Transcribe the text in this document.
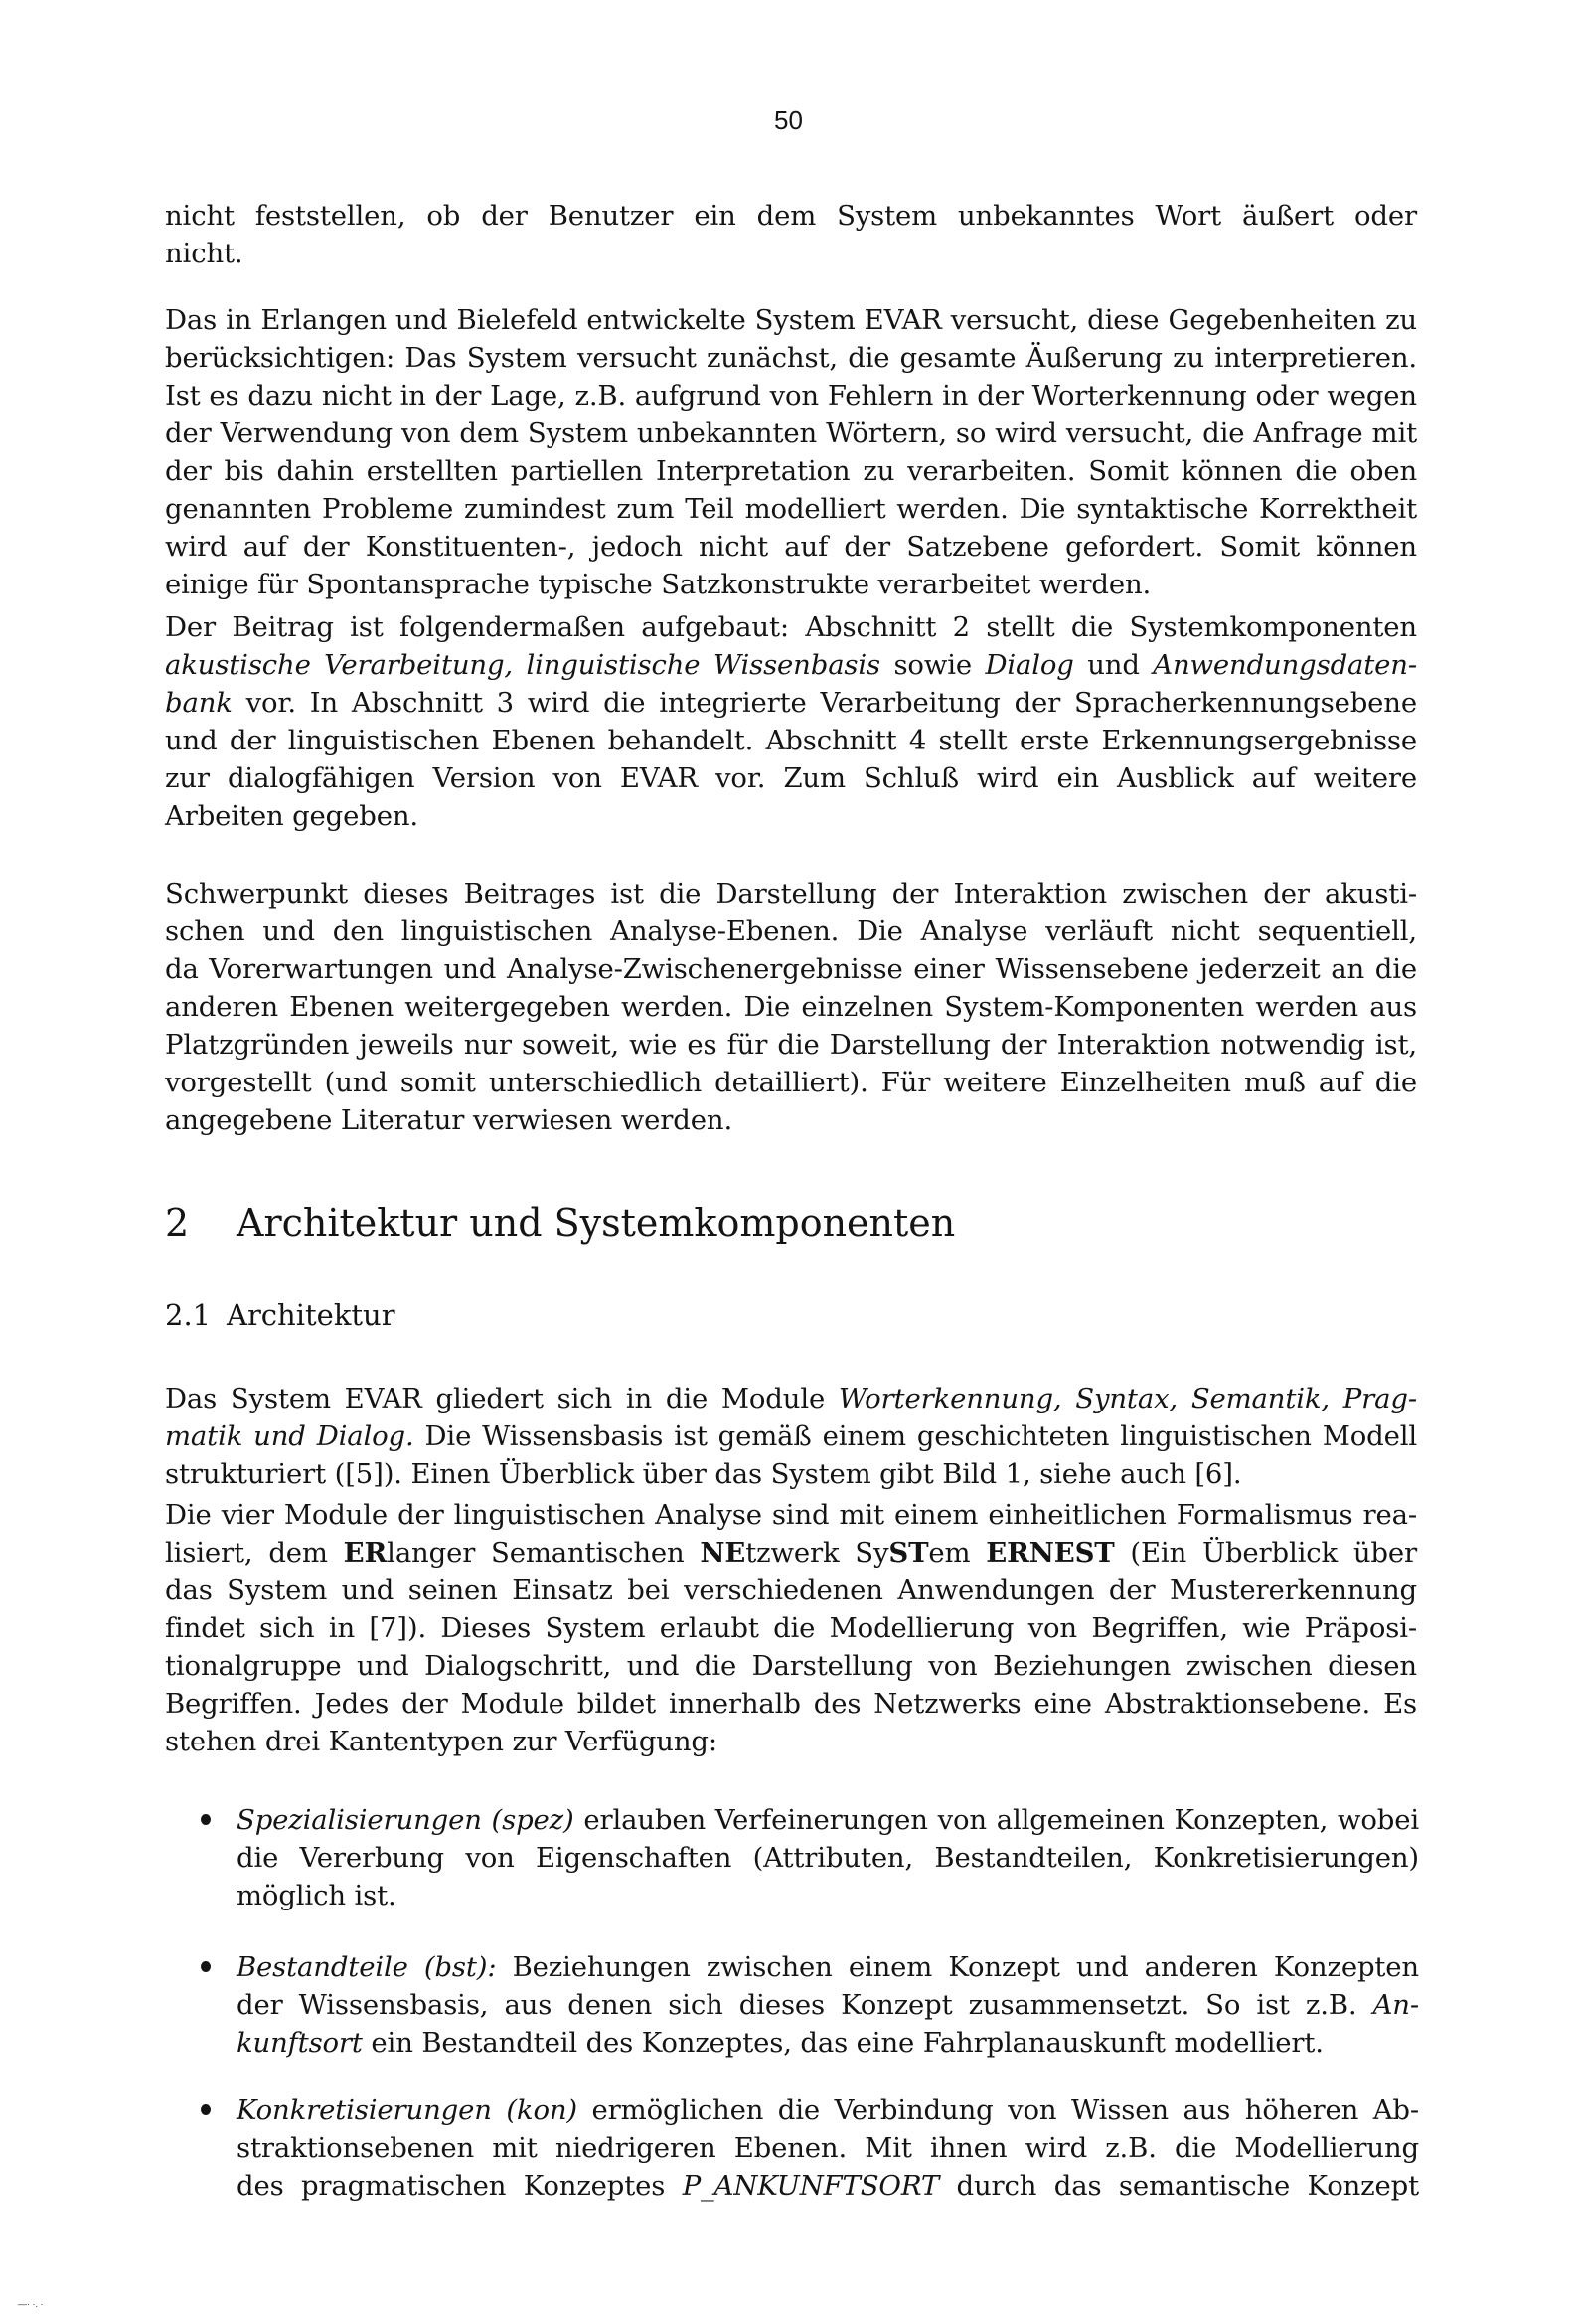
50
nicht feststellen, ob der Benutzer ein dem System unbekanntes Wort äußert oder
nicht.
Das in Erlangen und Bielefeld entwickelte System EVAR versucht, diese Gegebenheiten zu
berücksichtigen: Das System versucht zunächst, die gesamte Äußerung zu interpretieren.
Ist es dazu nicht in der Lage, z.B. aufgrund von Fehlern in der Worterkennung oder wegen
der Verwendung von dem System unbekannten Wörtern, so wird versucht, die Anfrage mit
der bis dahin erstellten partiellen Interpretation zu verarbeiten. Somit können die oben
genannten Probleme zumindest zum Teil modelliert werden. Die syntaktische Korrektheit
wird auf der Konstituenten-, jedoch nicht auf der Satzebene gefordert. Somit können
einige für Spontansprache typische Satzkonstrukte verarbeitet werden.
Der Beitrag ist folgendermaßen aufgebaut: Abschnitt 2 stellt die Systemkomponenten
akustische Verarbeitung, linguistische Wissenbasis sowie Dialog und Anwendungsdaten-
bank vor. In Abschnitt 3 wird die integrierte Verarbeitung der Spracherkennungsebene
und der linguistischen Ebenen behandelt. Abschnitt 4 stellt erste Erkennungsergebnisse
zur dialogfähigen Version von EVAR vor. Zum Schluß wird ein Ausblick auf weitere
Arbeiten gegeben.
Schwerpunkt dieses Beitrages ist die Darstellung der Interaktion zwischen der akusti-
schen und den linguistischen Analyse-Ebenen. Die Analyse verläuft nicht sequentiell,
da Vorerwartungen und Analyse-Zwischenergebnisse einer Wissensebene jederzeit an die
anderen Ebenen weitergegeben werden. Die einzelnen System-Komponenten werden aus
Platzgründen jeweils nur soweit, wie es für die Darstellung der Interaktion notwendig ist,
vorgestellt (und somit unterschiedlich detailliert). Für weitere Einzelheiten muß auf die
angegebene Literatur verwiesen werden.
2 Architektur und Systemkomponenten
2.1 Architektur
Das System EVAR gliedert sich in die Module Worterkennung, Syntax, Semantik, Prag-
matik und Dialog. Die Wissensbasis ist gemäß einem geschichteten linguistischen Modell
strukturiert ([5]). Einen Überblick über das System gibt Bild 1, siehe auch [6].
Die vier Module der linguistischen Analyse sind mit einem einheitlichen Formalismus rea-
lisiert, dem ERlanger Semantischen NEtzwerk SySTem ERNEST (Ein Überblick über
das System und seinen Einsatz bei verschiedenen Anwendungen der Mustererkennung
findet sich in [7]). Dieses System erlaubt die Modellierung von Begriffen, wie Präposi-
tionalgruppe und Dialogschritt, und die Darstellung von Beziehungen zwischen diesen
Begriffen. Jedes der Module bildet innerhalb des Netzwerks eine Abstraktionsebene. Es
stehen drei Kantentypen zur Verfügung:
Spezialisierungen (spez) erlauben Verfeinerungen von allgemeinen Konzepten, wobei
die Vererbung von Eigenschaften (Attributen, Bestandteilen, Konkretisierungen)
möglich ist.
Bestandteile (bst): Beziehungen zwischen einem Konzept und anderen Konzepten
der Wissensbasis, aus denen sich dieses Konzept zusammensetzt. So ist z.B. An-
kunftsort ein Bestandteil des Konzeptes, das eine Fahrplanauskunft modelliert.
Konkretisierungen (kon) ermöglichen die Verbindung von Wissen aus höheren Ab-
straktionsebenen mit niedrigeren Ebenen. Mit ihnen wird z.B. die Modellierung
des pragmatischen Konzeptes P_ANKUNFTSORT durch das semantische Konzept
—· ·. ·
